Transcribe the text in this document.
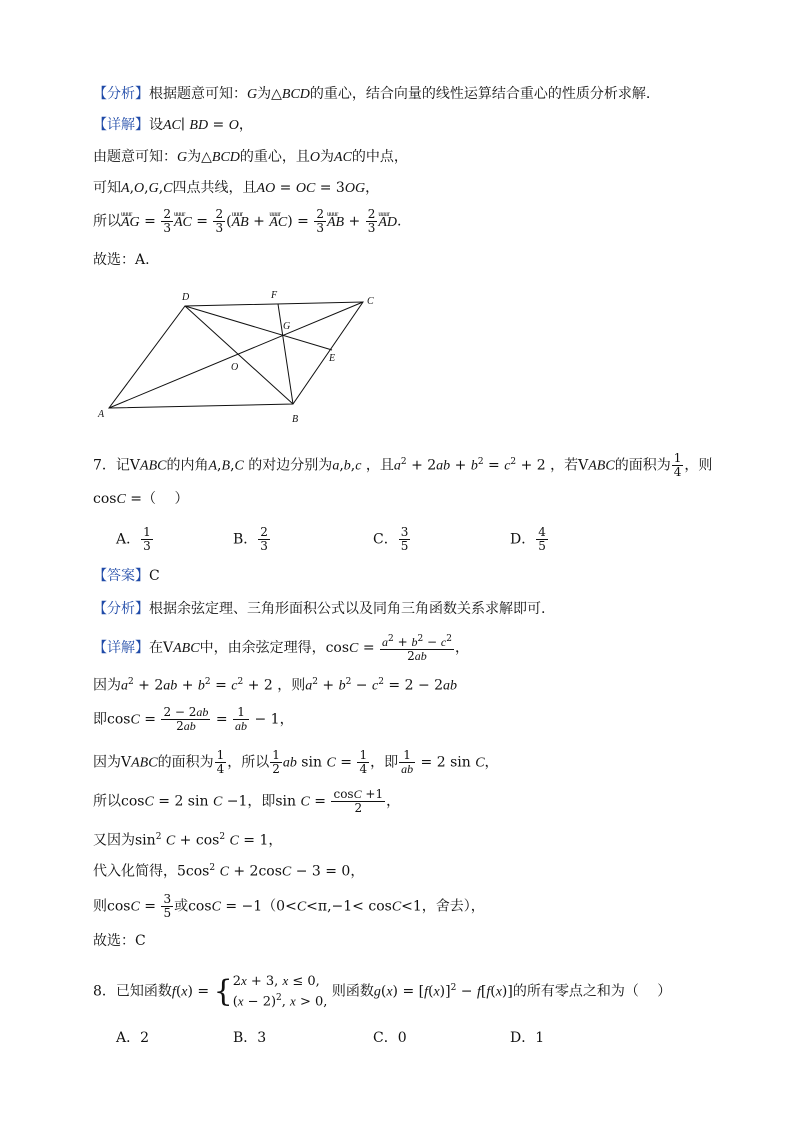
【分析】根据题意可知：G为△BCD的重心，结合向量的线性运算结合重心的性质分析求解.
【详解】设AC∣ BD = O，
由题意可知：G为△BCD的重心，且O为AC的中点，
可知A,O,G,C四点共线，且AO = OC = 3OG，
所以uuur AG = $\frac{2}{3}$ uuur AC = $\frac{2}{3}$ (uuur AB + uuur $AC) = \frac{2}{3}$ uuur AB + $\frac{2}{3}$ uuur AD.
故选：A.
A	B
C
D
E
F
G
O
7．记VABC的内角A,B,C 的对边分别为a,b,c ，且$a^2 + 2ab + b^2 = c^2 + 2$ ，若VABC的面积为 $\frac{1}{4}$ ，则
cosC =（　 ）
A． $\frac{1}{3}$	B． $\frac{2}{3}$	C． $\frac{3}{5}$	D． $\frac{4}{5}$
【答案】C
【分析】根据余弦定理、三角形面积公式以及同角三角函数关系求解即可.
【详解】在VABC中，由余弦定理得，$\cos C = \frac{a^2 + b^2 - c^2}{2ab}$ ，
因为$a^2 + 2ab + b^2 = c^2 + 2$ ，则$a^2 + b^2 - c^2 = 2 - 2ab$
即$\cos C = \frac{2 - 2ab}{2ab} = \frac{1}{ab} - 1$，
因为VABC的面积为 $\frac{1}{4}$ ，所以 $\frac{1}{2}$ ab $\sin C = \frac{1}{4}$ ，即 $\frac{1}{ab} = 2$ sin C，
所以cosC = 2 sin C −1，即$\sin C = \frac{\cos C +1}{2}$ ，
又因为$\sin^2 C + \cos^2 C = 1$，
代入化简得，$5\cos^2$ C + 2cosC − 3 = 0，
则$\cos C = \frac{3}{5}$ 或cosC = −1（0<C<π,−1< cosC<1，舍去），
故选：C
8．已知函数f(x) = {2x + 3, x ≤ 0,
$(x - 2)^2$, x > 0, 则函数$g(x) = [f(x)]^2 - f[f(x)]$的所有零点之和为（　 ）
A．2	B．3	C．0	D．1
